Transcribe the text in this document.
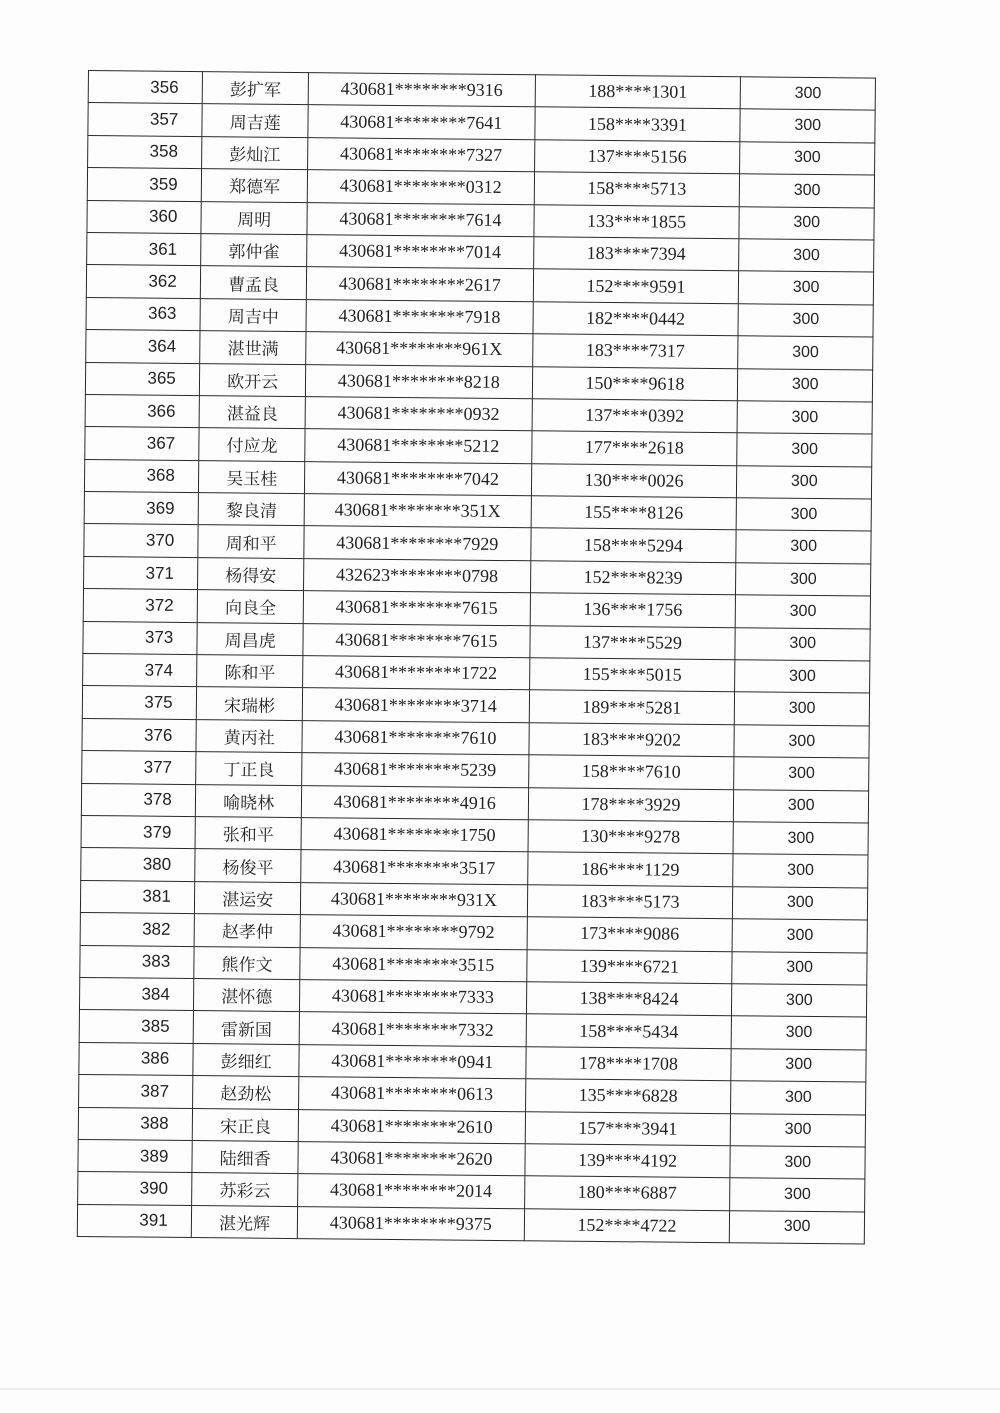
356	彭扩军	430681********9316	188****1301	300
357	周吉莲	430681********7641	158****3391	300
358	彭灿江	430681********7327	137****5156	300
359	郑德军	430681********0312	158****5713	300
360	周明	430681********7614	133****1855	300
361	郭仲雀	430681********7014	183****7394	300
362	曹孟良	430681********2617	152****9591	300
363	周吉中	430681********7918	182****0442	300
364	湛世满	430681********961X	183****7317	300
365	欧开云	430681********8218	150****9618	300
366	湛益良	430681********0932	137****0392	300
367	付应龙	430681********5212	177****2618	300
368	吴玉桂	430681********7042	130****0026	300
369	黎良清	430681********351X	155****8126	300
370	周和平	430681********7929	158****5294	300
371	杨得安	432623********0798	152****8239	300
372	向良全	430681********7615	136****1756	300
373	周昌虎	430681********7615	137****5529	300
374	陈和平	430681********1722	155****5015	300
375	宋瑞彬	430681********3714	189****5281	300
376	黄丙社	430681********7610	183****9202	300
377	丁正良	430681********5239	158****7610	300
378	喻晓林	430681********4916	178****3929	300
379	张和平	430681********1750	130****9278	300
380	杨俊平	430681********3517	186****1129	300
381	湛运安	430681********931X	183****5173	300
382	赵孝仲	430681********9792	173****9086	300
383	熊作文	430681********3515	139****6721	300
384	湛怀德	430681********7333	138****8424	300
385	雷新国	430681********7332	158****5434	300
386	彭细红	430681********0941	178****1708	300
387	赵劲松	430681********0613	135****6828	300
388	宋正良	430681********2610	157****3941	300
389	陆细香	430681********2620	139****4192	300
390	苏彩云	430681********2014	180****6887	300
391	湛光辉	430681********9375	152****4722	300
